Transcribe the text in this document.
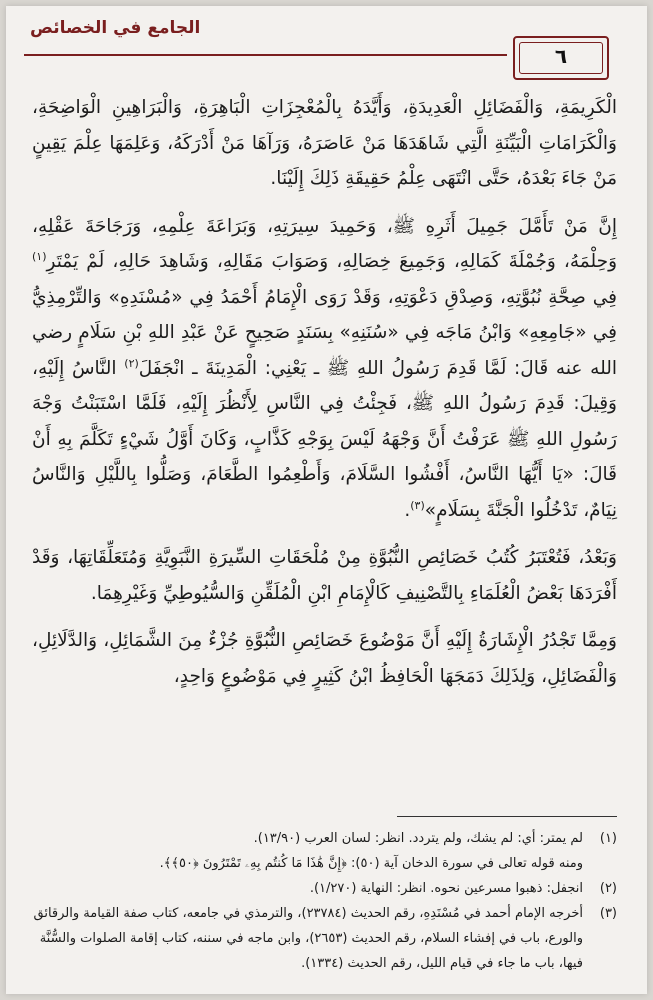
الجامع في الخصائص
٦

الْكَرِيمَةِ، وَالْفَضَائِلِ الْعَدِيدَةِ، وَأَيَّدَهُ بِالْمُعْجِزَاتِ الْبَاهِرَةِ، وَالْبَرَاهِينِ الْوَاضِحَةِ، وَالْكَرَامَاتِ الْبَيِّنَةِ الَّتِي شَاهَدَهَا مَنْ عَاصَرَهُ، وَرَآهَا مَنْ أَدْرَكَهُ، وَعَلِمَهَا عِلْمَ يَقِينٍ مَنْ جَاءَ بَعْدَهُ، حَتَّى انْتَهَى عِلْمُ حَقِيقَةِ ذَلِكَ إِلَيْنَا.

إِنَّ مَنْ تَأَمَّلَ جَمِيلَ أَثَرِهِ ﷺ، وَحَمِيدَ سِيرَتِهِ، وَبَرَاعَةَ عِلْمِهِ، وَرَجَاحَةَ عَقْلِهِ، وَحِلْمَهُ، وَجُمْلَةَ كَمَالِهِ، وَجَمِيعَ خِصَالِهِ، وَصَوَابَ مَقَالِهِ، وَشَاهِدَ حَالِهِ، لَمْ يَمْتَرِ$^{(١)}$ فِي صِحَّةِ نُبُوَّتِهِ، وَصِدْقِ دَعْوَتِهِ، وَقَدْ رَوَى الْإِمَامُ أَحْمَدُ فِي «مُسْنَدِهِ» وَالتِّرْمِذِيُّ فِي «جَامِعِهِ» وَابْنُ مَاجَه فِي «سُنَنِهِ» بِسَنَدٍ صَحِيحٍ عَنْ عَبْدِ اللهِ بْنِ سَلَامٍ رضي الله عنه قَالَ: لَمَّا قَدِمَ رَسُولُ اللهِ ﷺ ـ يَعْنِي: الْمَدِينَةَ ـ انْجَفَلَ$^{(٢)}$ النَّاسُ إِلَيْهِ، وَقِيلَ: قَدِمَ رَسُولُ اللهِ ﷺ، فَجِئْتُ فِي النَّاسِ لِأَنْظُرَ إِلَيْهِ، فَلَمَّا اسْتَبَنْتُ وَجْهَ رَسُولِ اللهِ ﷺ عَرَفْتُ أَنَّ وَجْهَهُ لَيْسَ بِوَجْهِ كَذَّابٍ، وَكَانَ أَوَّلُ شَيْءٍ تَكَلَّمَ بِهِ أَنْ قَالَ: «يَا أَيُّهَا النَّاسُ، أَفْشُوا السَّلَامَ، وَأَطْعِمُوا الطَّعَامَ، وَصَلُّوا بِاللَّيْلِ وَالنَّاسُ نِيَامٌ، تَدْخُلُوا الْجَنَّةَ بِسَلَامٍ»$^{(٣)}$.

وَبَعْدُ، فَتُعْتَبَرُ كُتُبُ خَصَائِصِ النُّبُوَّةِ مِنْ مُلْحَقَاتِ السِّيرَةِ النَّبَوِيَّةِ وَمُتَعَلِّقَاتِهَا، وَقَدْ أَفْرَدَهَا بَعْضُ الْعُلَمَاءِ بِالتَّصْنِيفِ كَالْإِمَامِ ابْنِ الْمُلَقِّنِ وَالسُّيُوطِيِّ وَغَيْرِهِمَا.

وَمِمَّا تَجْدُرُ الْإِشَارَةُ إِلَيْهِ أَنَّ مَوْضُوعَ خَصَائِصِ النُّبُوَّةِ جُزْءٌ مِنَ الشَّمَائِلِ، وَالدَّلَائِلِ، وَالْفَضَائِلِ، وَلِذَلِكَ دَمَجَهَا الْحَافِظُ ابْنُ كَثِيرٍ فِي مَوْضُوعٍ وَاحِدٍ،

(١)
لم يمتر: أي: لم يشك، ولم يتردد. انظر: لسان العرب (١٣/٩٠).
ومنه قوله تعالى في سورة الدخان آية (٥٠): ﴿إِنَّ هَٰذَا مَا كُنتُم بِهِۦ تَمْتَرُونَ ﴿٥٠﴾﴾.
(٢)
انجفل: ذهبوا مسرعين نحوه. انظر: النهاية (١/٢٧٠).
(٣)
أخرجه الإمام أحمد في مُسْنَدِهِ، رقم الحديث (٢٣٧٨٤)، والترمذي في جامعه، كتاب صفة القيامة والرقائق والورع، باب في إفشاء السلام، رقم الحديث (٢٦٥٣)، وابن ماجه في سننه، كتاب إقامة الصلوات والسُّنَّة فيها، باب ما جاء في قيام الليل، رقم الحديث (١٣٣٤).
